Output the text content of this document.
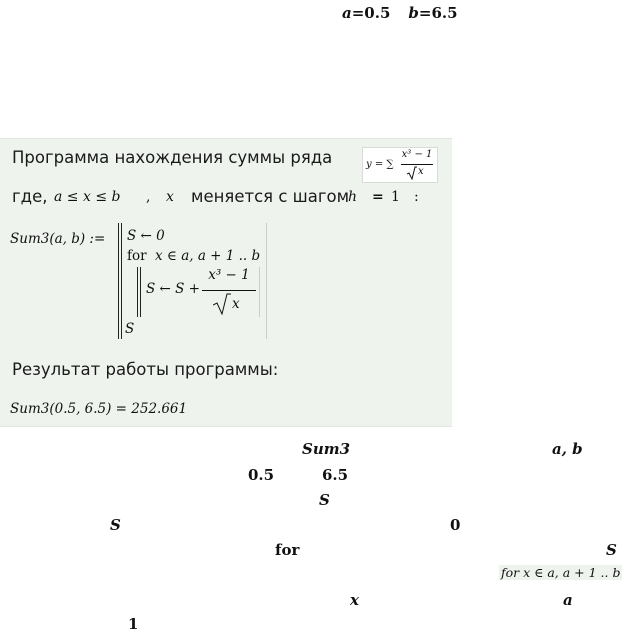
a=0.5 b=6.5
Программа нахождения суммы ряда	y = ∑
x³ − 1
x
где, a ≤ x ≤ b , x меняется с шагом
h = 1 :
Sum3(a, b) := S ← 0
for x ∈ a, a + 1 .. b
S ← S +
x³ − 1
x
S
Результат работы программы:
Sum3(0.5, 6.5) = 252.661
Sum3	a, b
0.5	6.5
S
S	0
for	S
for x ∈ a, a + 1 .. b
x	a
1
